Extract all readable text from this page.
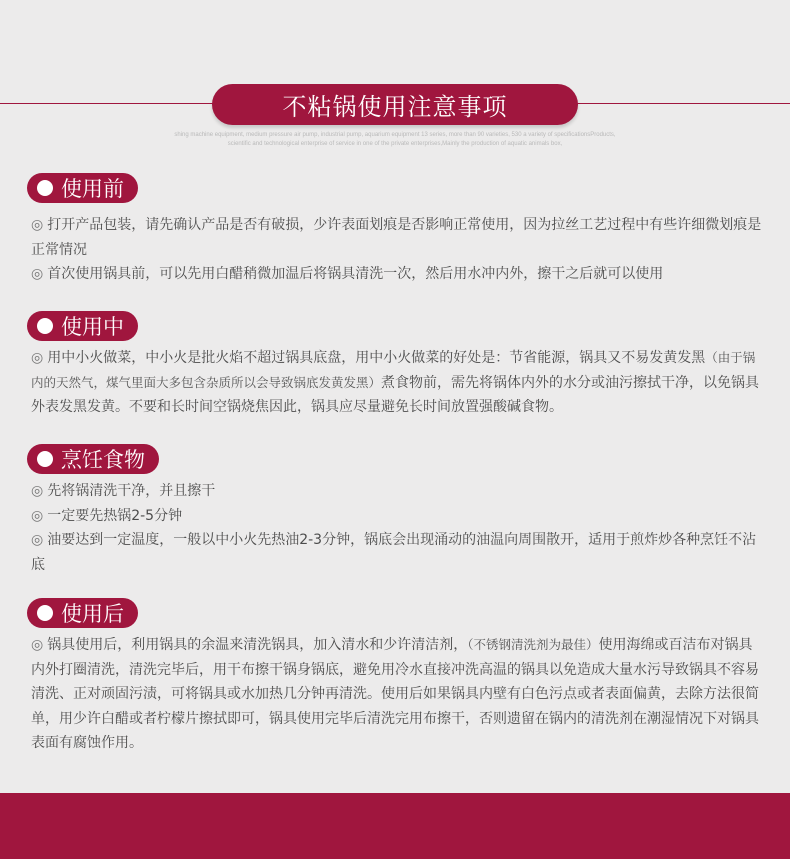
不粘锅使用注意事项
shing machine equipment, medium pressure air pump, industrial pump, aquarium equipment 13 series, more than 90 varieties, 530 a variety of specificationsProducts,
scientific and technological enterprise of service in one of the private enterprises,Mainly the production of aquatic animals box,
使用前

◎ 打开产品包装，请先确认产品是否有破损，少许表面划痕是否影响正常使用，因为拉丝工艺过程中有些许细微划痕是正常情况

◎ 首次使用锅具前，可以先用白醋稍微加温后将锅具清洗一次，然后用水冲内外，擦干之后就可以使用

使用中

◎ 用中小火做菜，中小火是批火焰不超过锅具底盘，用中小火做菜的好处是：节省能源，锅具又不易发黄发黑（由于锅内的天然气，煤气里面大多包含杂质所以会导致锅底发黄发黑）煮食物前，需先将锅体内外的水分或油污擦拭干净，以免锅具外表发黑发黄。不要和长时间空锅烧焦因此，锅具应尽量避免长时间放置强酸碱食物。

烹饪食物

◎ 先将锅清洗干净，并且擦干

◎ 一定要先热锅2-5分钟

◎ 油要达到一定温度，一般以中小火先热油2-3分钟，锅底会出现涌动的油温向周围散开，适用于煎炸炒各种烹饪不沾底

使用后

◎ 锅具使用后，利用锅具的余温来清洗锅具，加入清水和少许清洁剂，（不锈钢清洗剂为最佳）使用海绵或百洁布对锅具内外打圈清洗，清洗完毕后，用干布擦干锅身锅底，避免用冷水直接冲洗高温的锅具以免造成大量水污导致锅具不容易清洗、正对顽固污渍，可将锅具或水加热几分钟再清洗。使用后如果锅具内壁有白色污点或者表面偏黄，去除方法很简单，用少许白醋或者柠檬片擦拭即可，锅具使用完毕后清洗完用布擦干，否则遗留在锅内的清洗剂在潮湿情况下对锅具表面有腐蚀作用。
